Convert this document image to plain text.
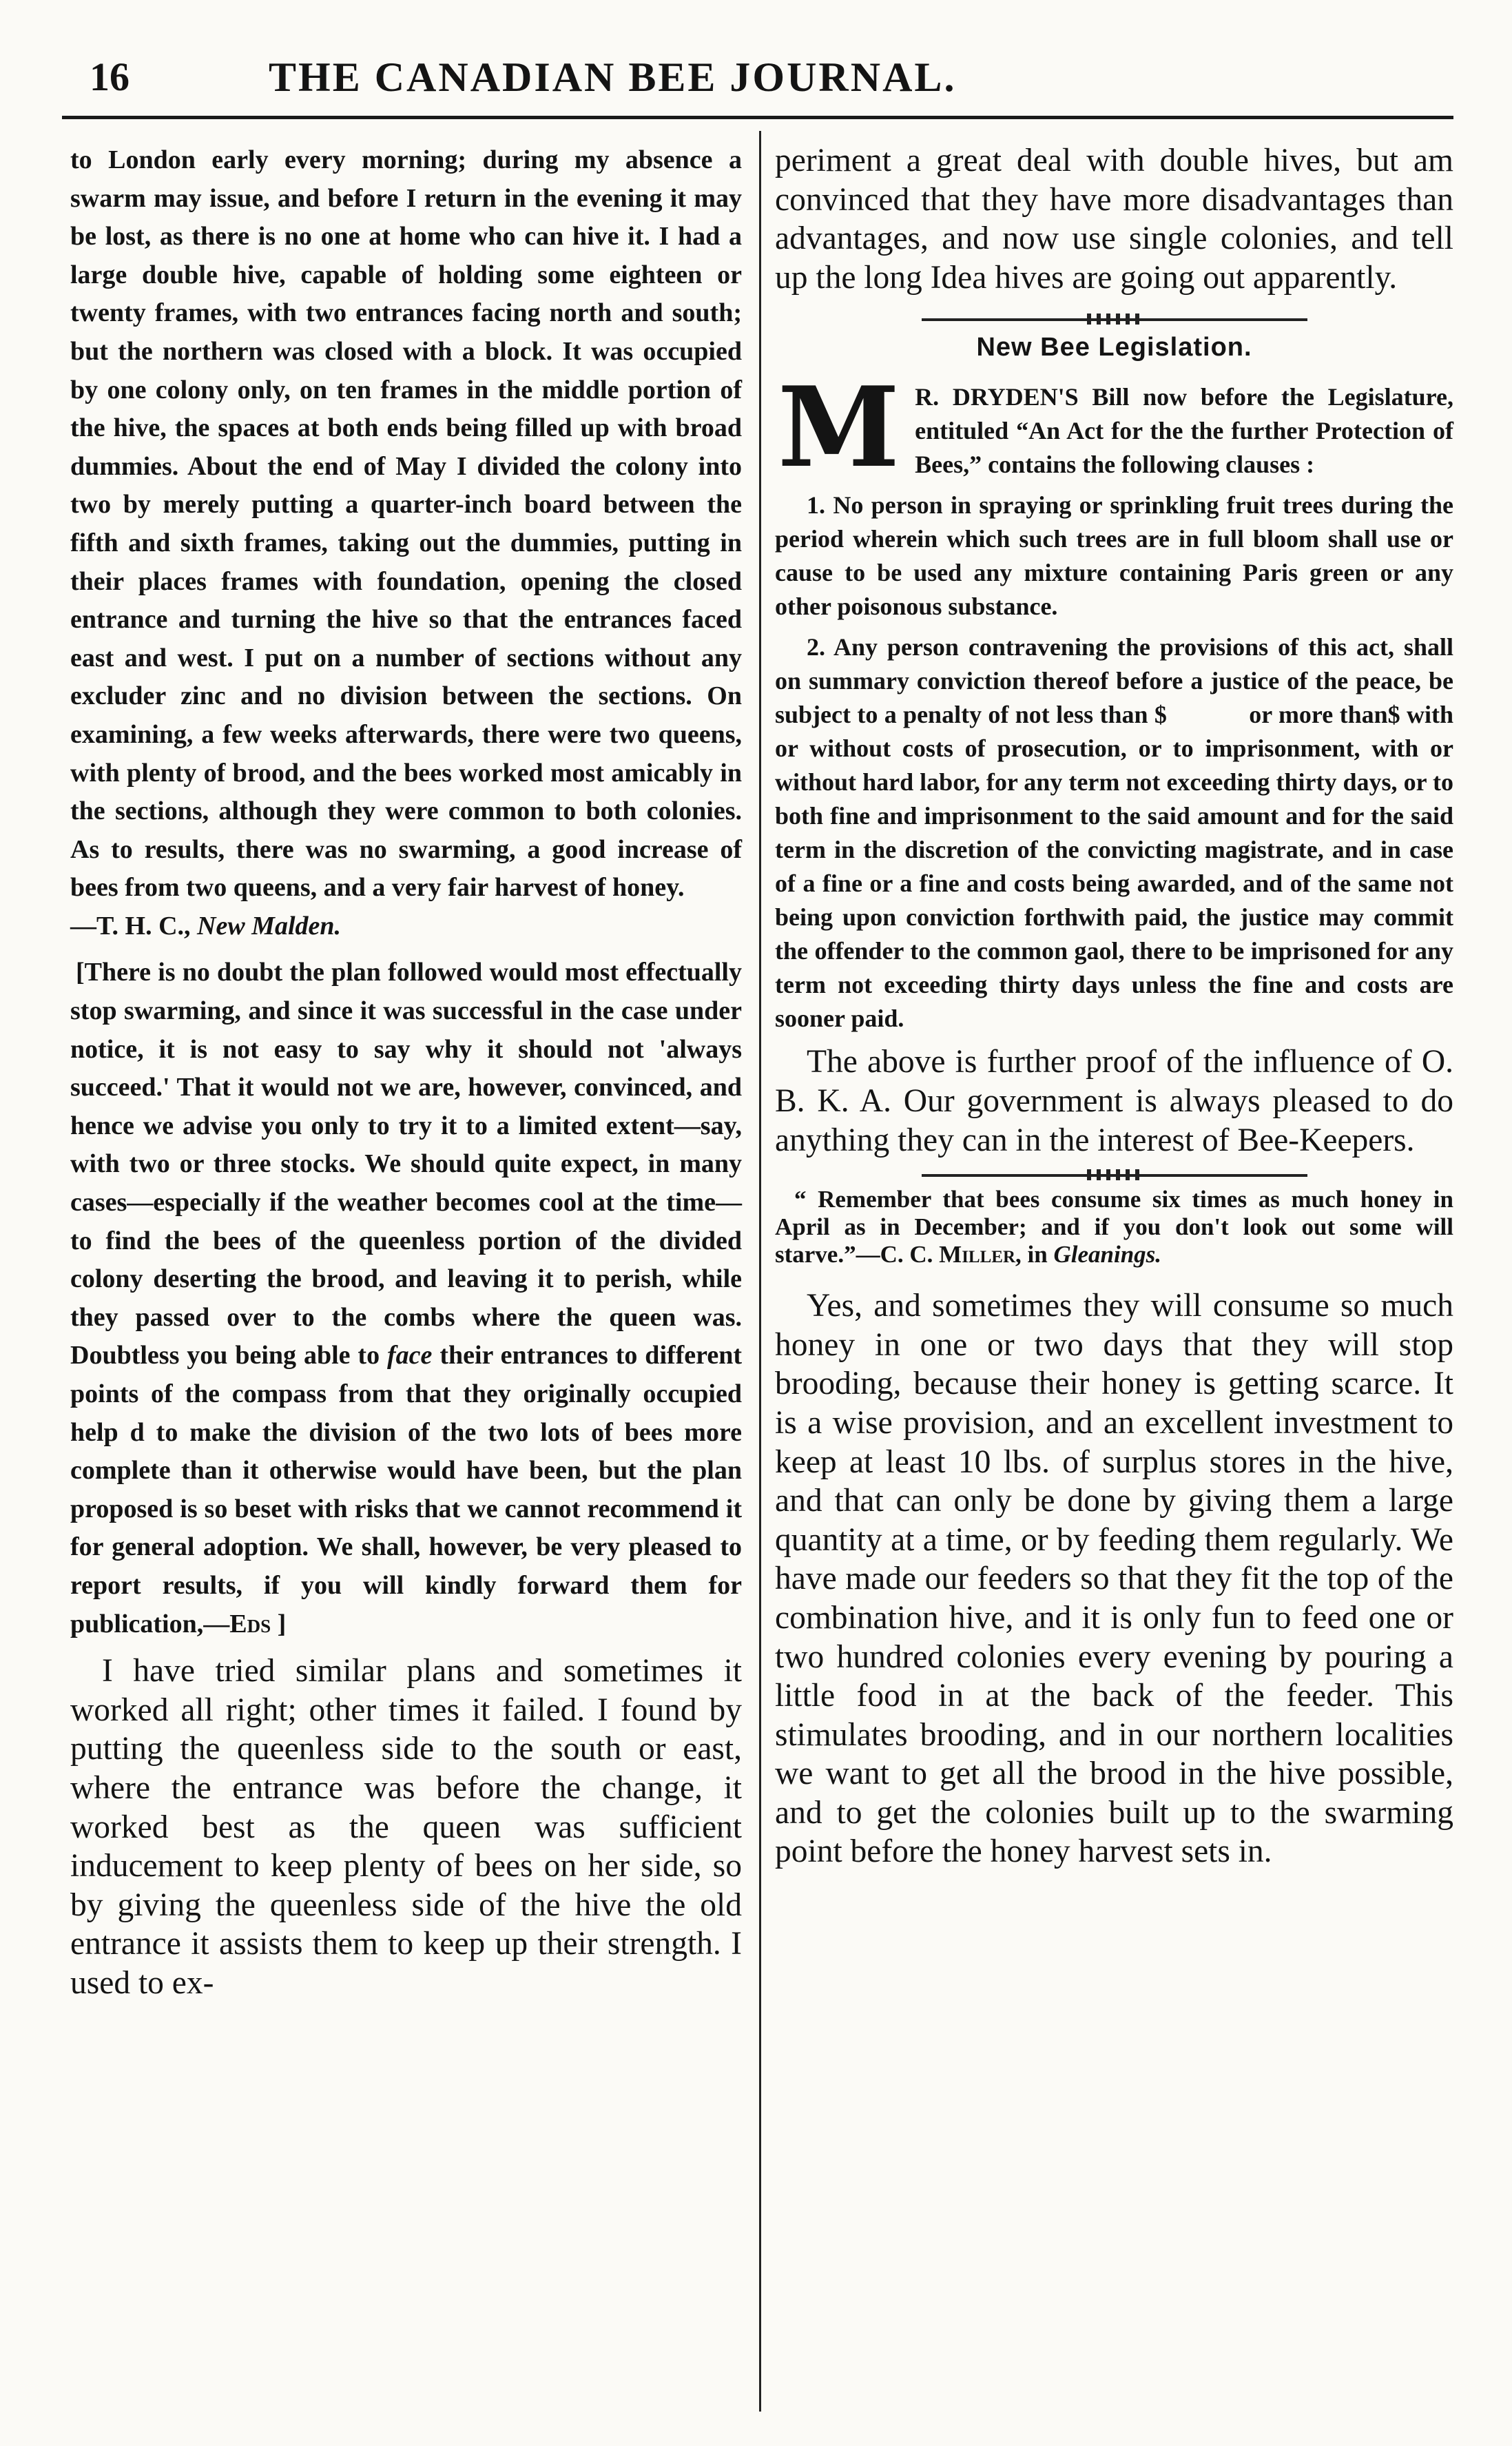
16	THE CANADIAN BEE JOURNAL.

to London early every morning; during my absence a swarm may issue, and before I return in the evening it may be lost, as there is no one at home who can hive it. I had a large double hive, capable of holding some eighteen or twenty frames, with two entrances facing north and south; but the northern was closed with a block. It was occupied by one colony only, on ten frames in the middle portion of the hive, the spaces at both ends being filled up with broad dummies. About the end of May I divided the colony into two by merely putting a quarter-inch board between the fifth and sixth frames, taking out the dummies, putting in their places frames with foundation, opening the closed entrance and turning the hive so that the entrances faced east and west. I put on a number of sections without any excluder zinc and no division between the sections. On examining, a few weeks afterwards, there were two queens, with plenty of brood, and the bees worked most amicably in the sections, although they were common to both colonies. As to results, there was no swarming, a good increase of bees from two queens, and a very fair harvest of honey.
—T. H. C., New Malden.

[There is no doubt the plan followed would most effectually stop swarming, and since it was successful in the case under notice, it is not easy to say why it should not 'always succeed.' That it would not we are, however, convinced, and hence we advise you only to try it to a limited extent—say, with two or three stocks. We should quite expect, in many cases—especially if the weather becomes cool at the time—to find the bees of the queenless portion of the divided colony deserting the brood, and leaving it to perish, while they passed over to the combs where the queen was. Doubtless you being able to face their entrances to different points of the compass from that they originally occupied help d to make the division of the two lots of bees more complete than it otherwise would have been, but the plan proposed is so beset with risks that we cannot recommend it for general adoption. We shall, however, be very pleased to report results, if you will kindly forward them for publication,—Eds ]

I have tried similar plans and sometimes it worked all right; other times it failed. I found by putting the queenless side to the south or east, where the entrance was before the change, it worked best as the queen was sufficient inducement to keep plenty of bees on her side, so by giving the queenless side of the hive the old entrance it assists them to keep up their strength. I used to ex-

periment a great deal with double hives, but am convinced that they have more disadvantages than advantages, and now use single colonies, and tell up the long Idea hives are going out apparently.

New Bee Legislation.
M R. DRYDEN'S Bill now before the Legislature, entituled “An Act for the the further Protection of Bees,” contains the following clauses :

1. No person in spraying or sprinkling fruit trees during the period wherein which such trees are in full bloom shall use or cause to be used any mixture containing Paris green or any other poisonous substance.

2. Any person contravening the provisions of this act, shall on summary conviction thereof before a justice of the peace, be subject to a penalty of not less than $	or more than$ with or without costs of prosecution, or to imprisonment, with or without hard labor, for any term not exceeding thirty days, or to both fine and imprisonment to the said amount and for the said term in the discretion of the convicting magistrate, and in case of a fine or a fine and costs being awarded, and of the same not being upon conviction forthwith paid, the justice may commit the offender to the common gaol, there to be imprisoned for any term not exceeding thirty days unless the fine and costs are sooner paid.

The above is further proof of the influence of O. B. K. A. Our government is always pleased to do anything they can in the interest of Bee-Keepers.

“ Remember that bees consume six times as much honey in April as in December; and if you don't look out some will starve.”—C. C. Miller, in Gleanings.

Yes, and sometimes they will consume so much honey in one or two days that they will stop brooding, because their honey is getting scarce. It is a wise provision, and an excellent investment to keep at least 10 lbs. of surplus stores in the hive, and that can only be done by giving them a large quantity at a time, or by feeding them regularly. We have made our feeders so that they fit the top of the combination hive, and it is only fun to feed one or two hundred colonies every evening by pouring a little food in at the back of the feeder. This stimulates brooding, and in our northern localities we want to get all the brood in the hive possible, and to get the colonies built up to the swarming point before the honey harvest sets in.
